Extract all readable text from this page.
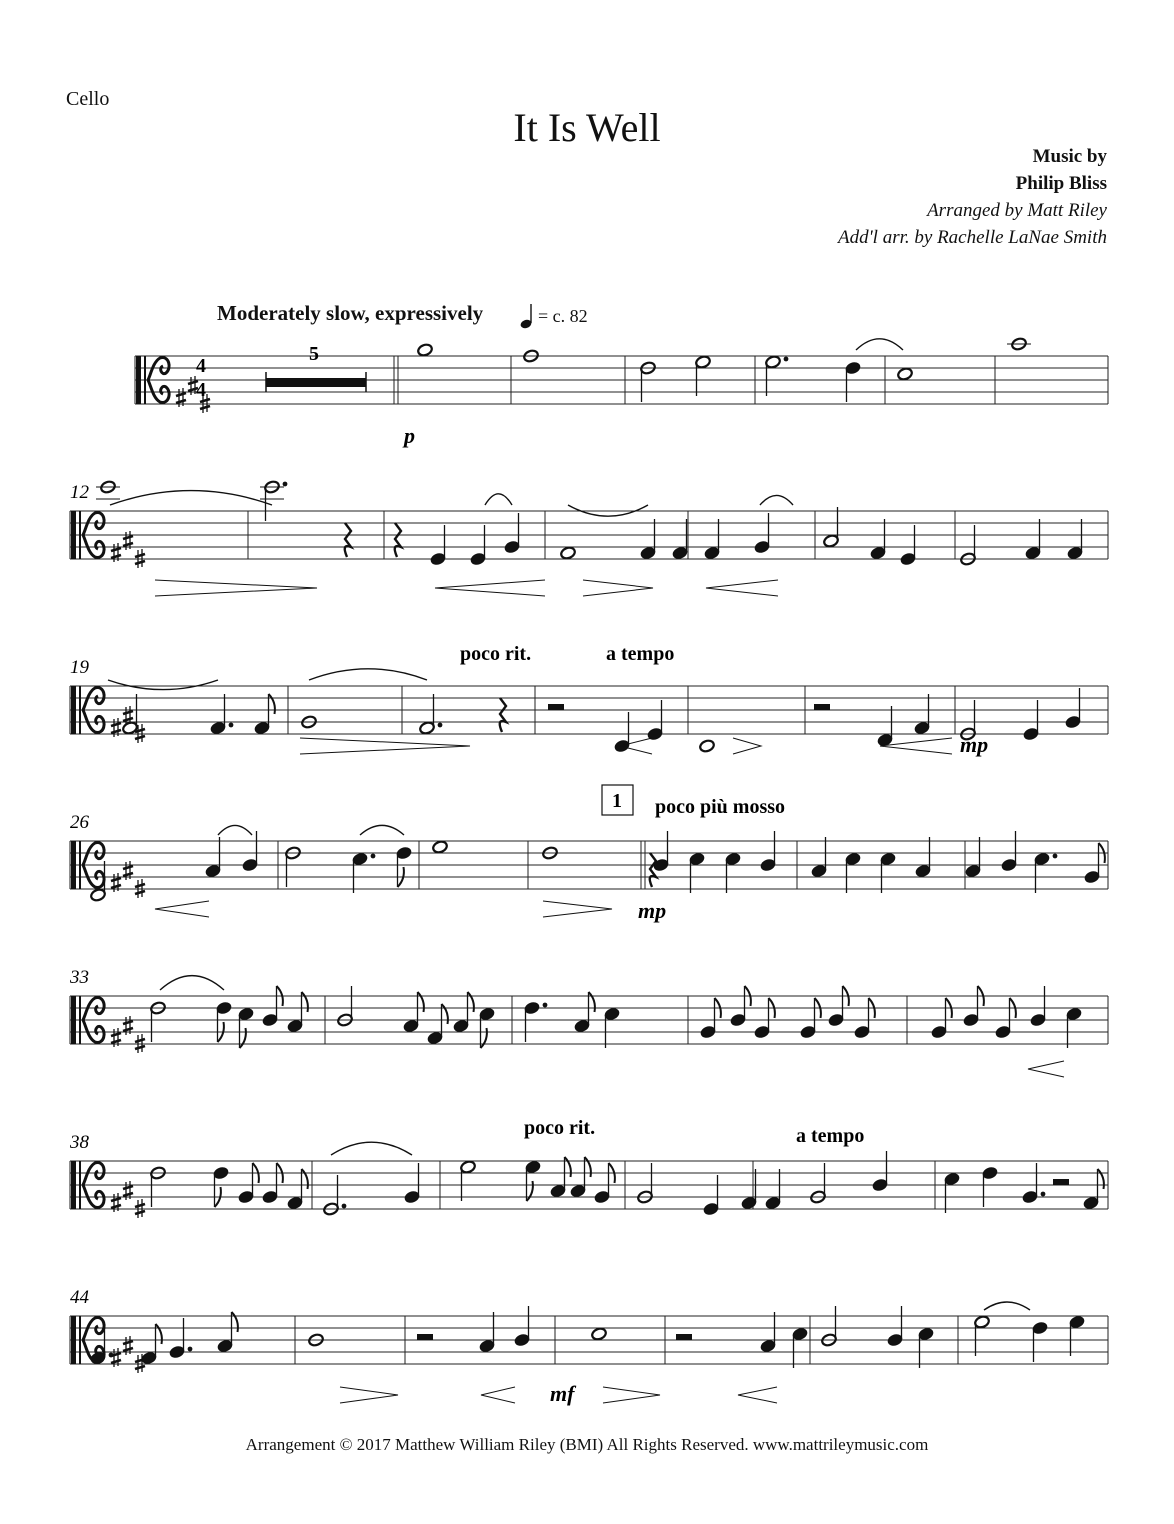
Cello
It Is Well
Music by
Philip Bliss
Arranged by Matt Riley
Add'l arr. by Rachelle LaNae Smith
Moderately slow, expressively	= c. 82
12
19
26
33
38
44
4
4
5
p
mp
mp
mf
poco rit.	a tempo
poco più mosso
poco rit.	a tempo
1
Arrangement © 2017 Matthew William Riley (BMI) All Rights Reserved. www.mattrileymusic.com
